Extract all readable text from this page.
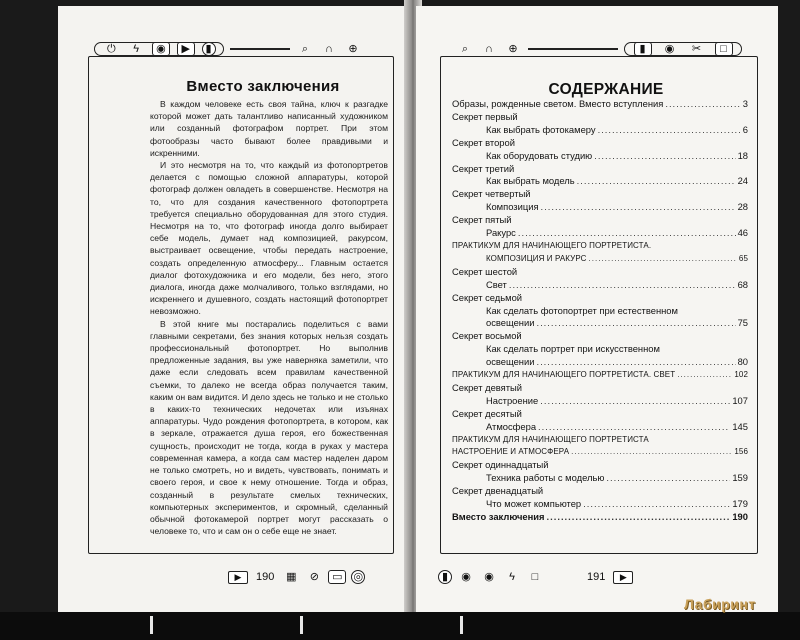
⏻	ϟ	◉	▶	▮	⌕	∩	⊕
Вместо заключения

В каждом человеке есть своя тайна, ключ к разгадке которой может дать талантливо написанный художником или созданный фотографом портрет. При этом фотообразы часто бывают более правдивыми и искренними.

И это несмотря на то, что каждый из фотопортретов делается с помощью сложной аппаратуры, которой фотограф должен овладеть в совершенстве. Несмотря на то, что для создания качественного фотопортрета требуется специально оборудованная для этого студия. Несмотря на то, что фотограф иногда долго выбирает себе модель, думает над композицией, ракурсом, выстраивает освещение, чтобы передать настроение, создать определенную атмосферу... Главным остается диалог фотохудожника и его модели, без него, этого диалога, иногда даже молчаливого, только взглядами, но искреннего и душевного, создать настоящий фотопортрет невозможно.

В этой книге мы постарались поделиться с вами главными секретами, без знания которых нельзя создать профессиональный фотопортрет. Но выполнив предложенные задания, вы уже наверняка заметили, что даже если следовать всем правилам качественной съемки, то далеко не всегда образ получается таким, каким он вам видится. И дело здесь не только и не столько в каких-то технических недочетах или изъянах аппаратуры. Чудо рождения фотопортрета, в котором, как в зеркале, отражается душа героя, его божественная сущность, происходит не тогда, когда в руках у мастера современная камера, а когда сам мастер наделен даром не только смотреть, но и видеть, чувствовать, понимать и своего героя, и свое к нему отношение. Тогда и образ, созданный в результате смелых технических, компьютерных экспериментов, и скромный, сделанный обычной фотокамерой портрет могут рассказать о человеке то, что и сам он о себе еще не знает.

▶	190	▦	⊘	▭ ◎
⌕	∩	⊕	▮	◉	✂	□
СОДЕРЖАНИЕ
Образы, рожденные светом. Вместо вступления .....	3
Секрет первый
Как выбрать фотокамеру .....	6
Секрет второй
Как оборудовать студию .....	18
Секрет третий
Как выбрать модель .....	24
Секрет четвертый
Композиция .....	28
Секрет пятый
Ракурс .....	46
ПРАКТИКУМ ДЛЯ НАЧИНАЮЩЕГО ПОРТРЕТИСТА.
КОМПОЗИЦИЯ И РАКУРС .....	65
Секрет шестой
Свет .....	68
Секрет седьмой
Как сделать фотопортрет при естественном
освещении .....	75
Секрет восьмой
Как сделать портрет при искусственном
освещении .....	80
ПРАКТИКУМ ДЛЯ НАЧИНАЮЩЕГО ПОРТРЕТИСТА. СВЕТ .....	102
Секрет девятый
Настроение .....	107
Секрет десятый
Атмосфера .....	145
ПРАКТИКУМ ДЛЯ НАЧИНАЮЩЕГО ПОРТРЕТИСТА
НАСТРОЕНИЕ И АТМОСФЕРА .....	156
Секрет одиннадцатый
Техника работы с моделью .....	159
Секрет двенадцатый
Что может компьютер .....	179
Вместо заключения .....	190
▮	◉	◉	ϟ	□	191	▶
Лабиринт
